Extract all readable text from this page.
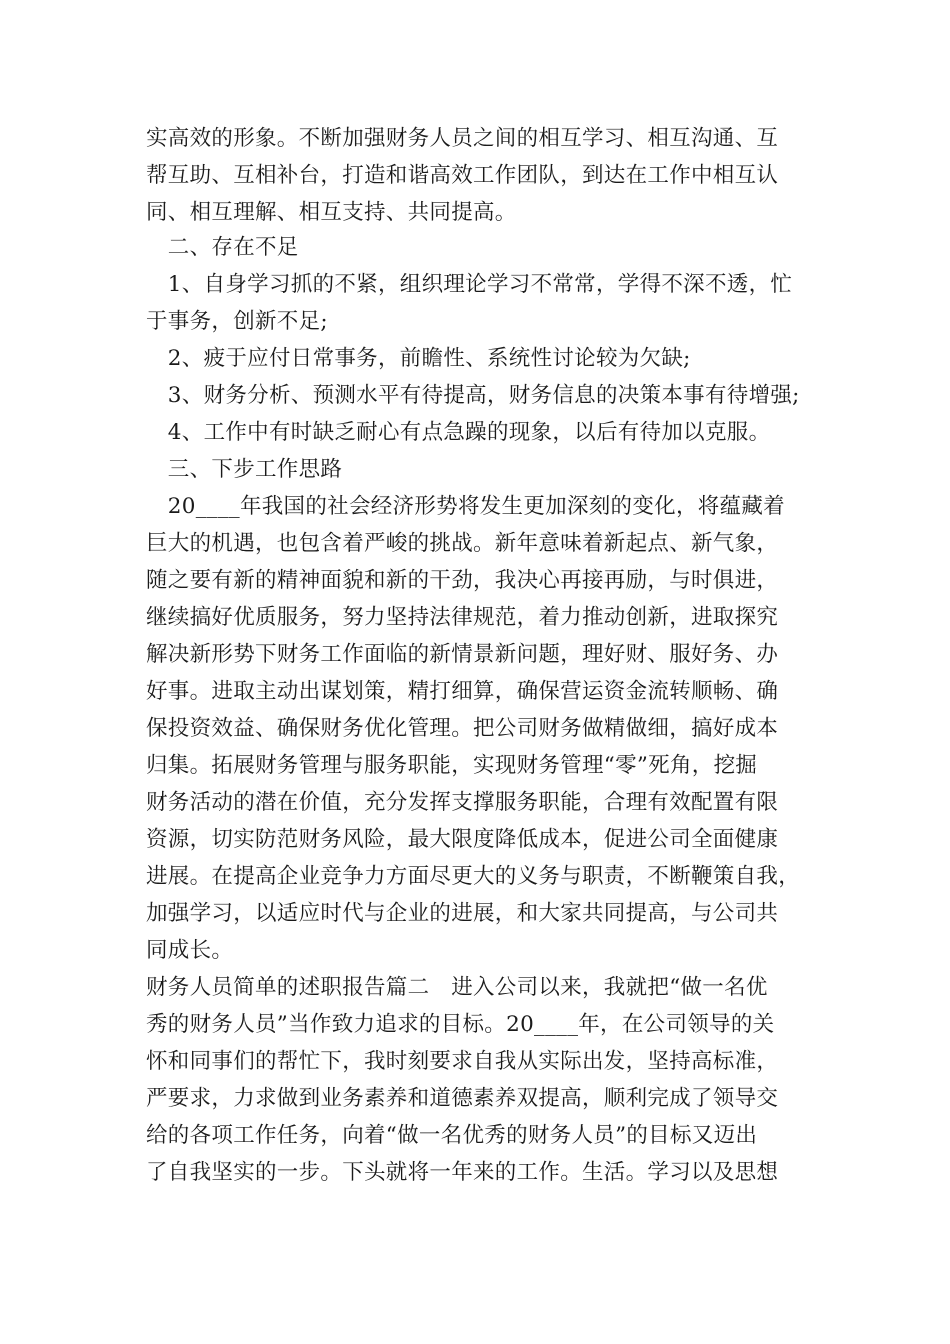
实高效的形象。不断加强财务人员之间的相互学习、相互沟通、互
帮互助、互相补台，打造和谐高效工作团队，到达在工作中相互认
同、相互理解、相互支持、共同提高。
　二、存在不足
　1、自身学习抓的不紧，组织理论学习不常常，学得不深不透，忙
于事务，创新不足;
　2、疲于应付日常事务，前瞻性、系统性讨论较为欠缺;
　3、财务分析、预测水平有待提高，财务信息的决策本事有待增强;
　4、工作中有时缺乏耐心有点急躁的现象，以后有待加以克服。
　三、下步工作思路
　20____年我国的社会经济形势将发生更加深刻的变化，将蕴藏着
巨大的机遇，也包含着严峻的挑战。新年意味着新起点、新气象，
随之要有新的精神面貌和新的干劲，我决心再接再励，与时俱进，
继续搞好优质服务，努力坚持法律规范，着力推动创新，进取探究
解决新形势下财务工作面临的新情景新问题，理好财、服好务、办
好事。进取主动出谋划策，精打细算，确保营运资金流转顺畅、确
保投资效益、确保财务优化管理。把公司财务做精做细，搞好成本
归集。拓展财务管理与服务职能，实现财务管理“零”死角，挖掘
财务活动的潜在价值，充分发挥支撑服务职能，合理有效配置有限
资源，切实防范财务风险，最大限度降低成本，促进公司全面健康
进展。在提高企业竞争力方面尽更大的义务与职责，不断鞭策自我，
加强学习，以适应时代与企业的进展，和大家共同提高，与公司共
同成长。
财务人员简单的述职报告篇二　进入公司以来，我就把“做一名优
秀的财务人员”当作致力追求的目标。20____年，在公司领导的关
怀和同事们的帮忙下，我时刻要求自我从实际出发，坚持高标准，
严要求，力求做到业务素养和道德素养双提高，顺利完成了领导交
给的各项工作任务，向着“做一名优秀的财务人员”的目标又迈出
了自我坚实的一步。下头就将一年来的工作。生活。学习以及思想
